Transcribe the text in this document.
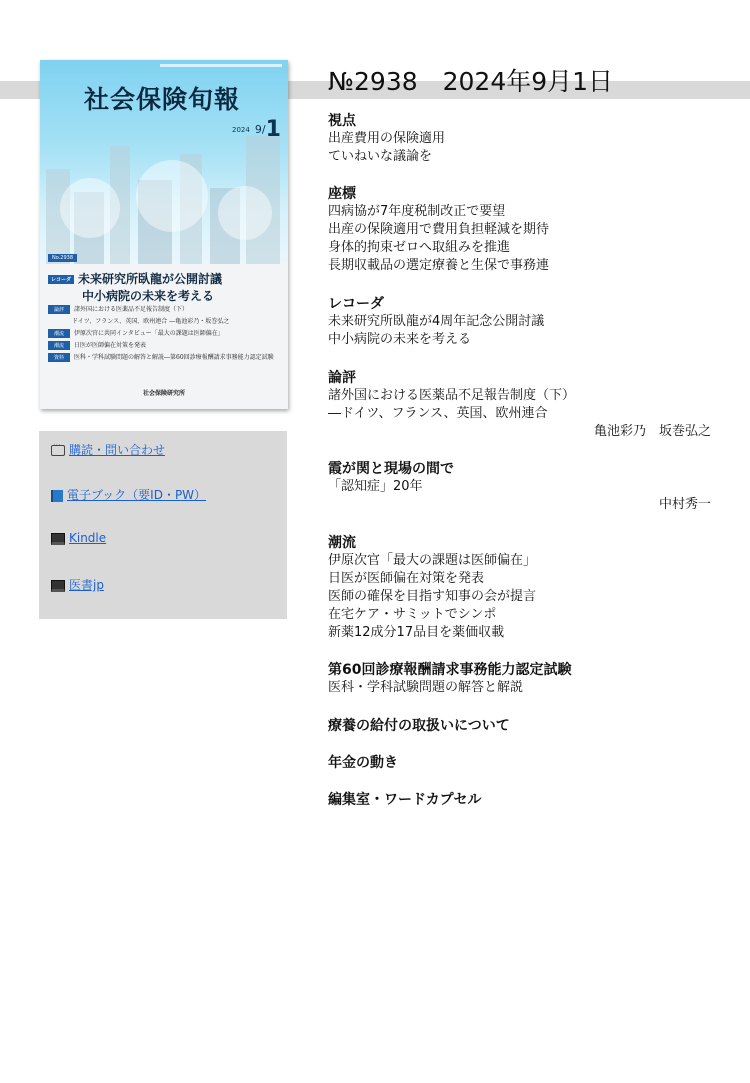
社会保険旬報
$^{2024}$ 9/1
No.2938
レコーダ 未来研究所臥龍が公開討議
中小病院の未来を考える
論評 諸外国における医薬品不足報告制度（下）
ドイツ、フランス、英国、欧州連合 ―亀池彩乃・坂巻弘之
潮流 伊原次官に共同インタビュー「最大の課題は医師偏在」
潮流 日医が医師偏在対策を発表
資料 医科・学科試験問題の解答と解説―第60回診療報酬請求事務能力認定試験
社会保険研究所
···購読・問い合わせ
電子ブック（要ID・PW）
Kindle
医書jp
№2938　2024年9月1日
視点
出産費用の保険適用
ていねいな議論を
座標
四病協が7年度税制改正で要望
出産の保険適用で費用負担軽減を期待
身体的拘束ゼロへ取組みを推進
長期収載品の選定療養と生保で事務連
レコーダ
未来研究所臥龍が4周年記念公開討議
中小病院の未来を考える
論評
諸外国における医薬品不足報告制度（下）
―ドイツ、フランス、英国、欧州連合
亀池彩乃　坂巻弘之
霞が関と現場の間で
「認知症」20年
中村秀一
潮流
伊原次官「最大の課題は医師偏在」
日医が医師偏在対策を発表
医師の確保を目指す知事の会が提言
在宅ケア・サミットでシンポ
新薬12成分17品目を薬価収載
第60回診療報酬請求事務能力認定試験
医科・学科試験問題の解答と解説
療養の給付の取扱いについて
年金の動き
編集室・ワードカプセル
